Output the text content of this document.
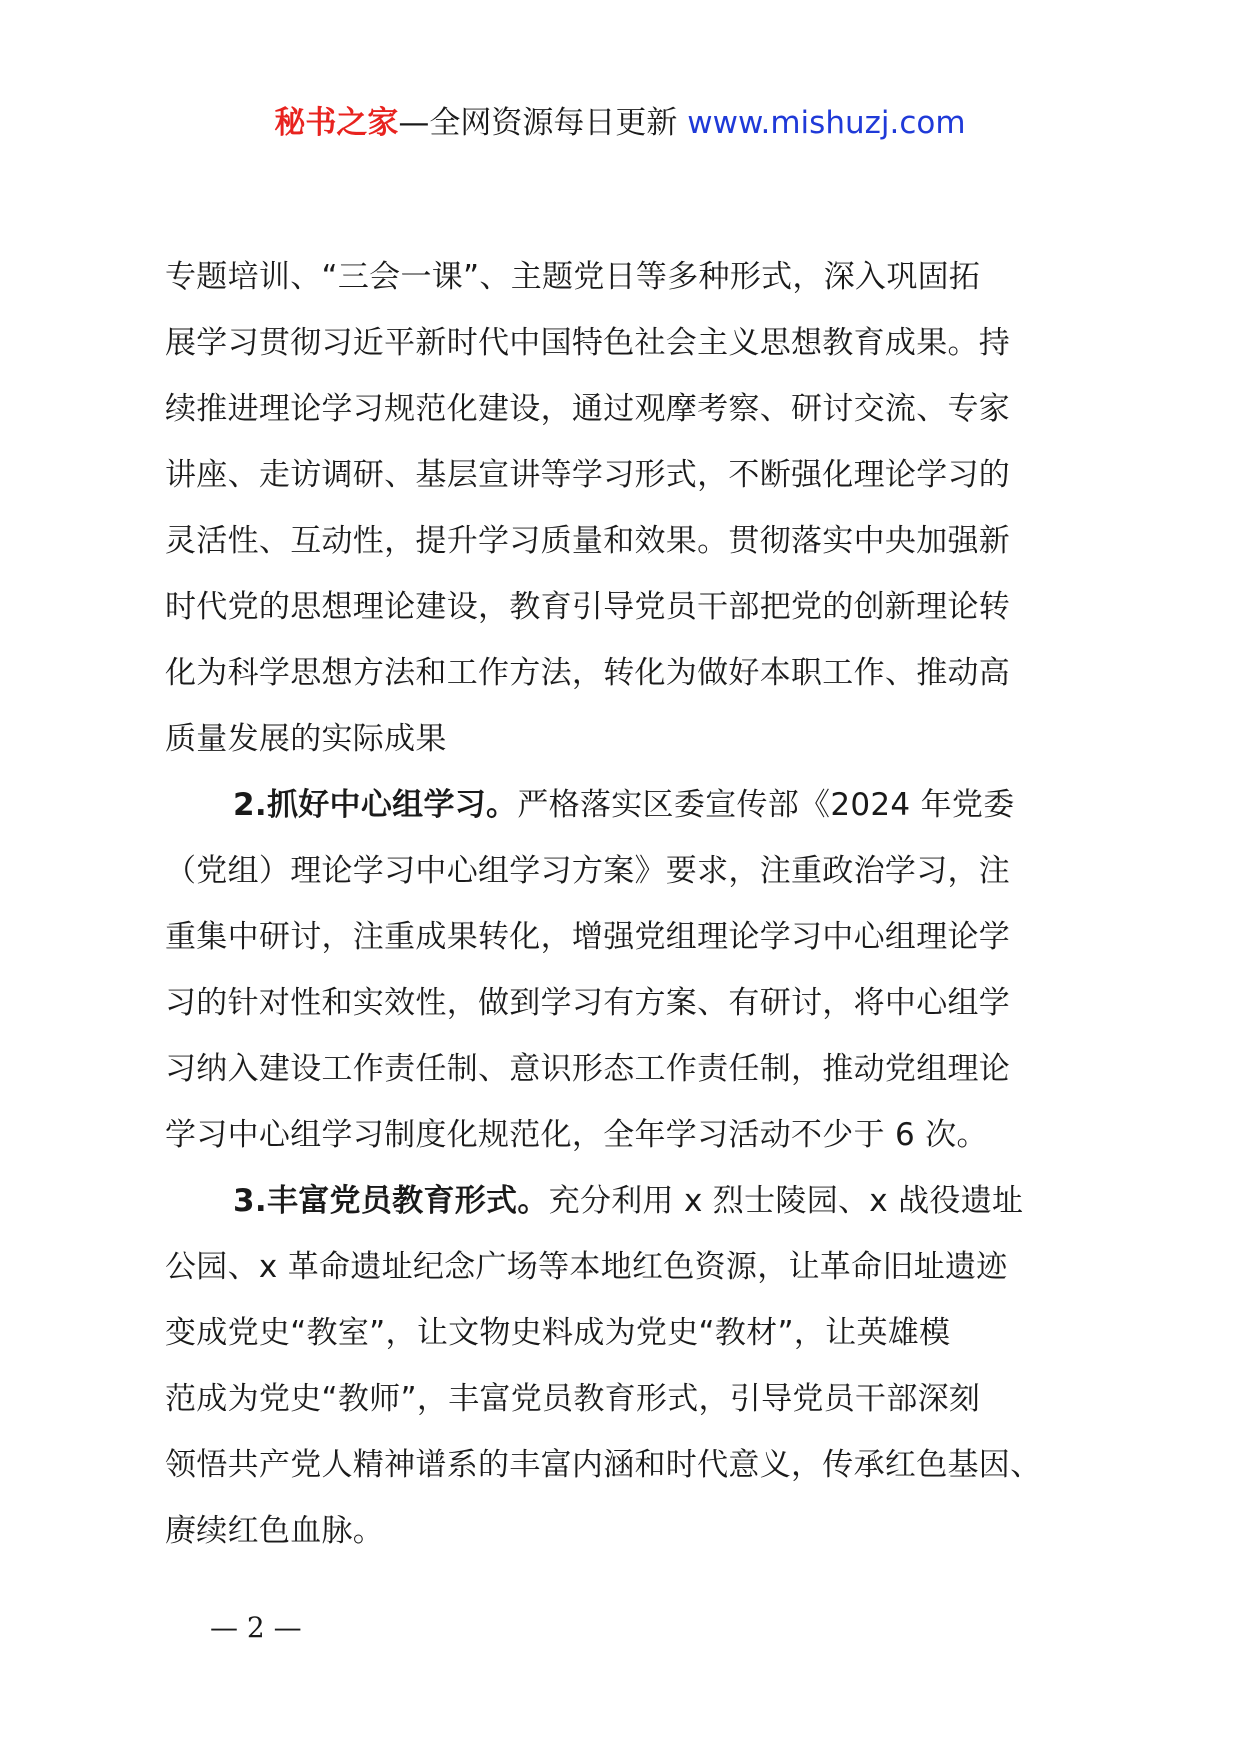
秘书之家—全网资源每日更新 www.mishuzj.com
专题培训、“三会一课”、主题党日等多种形式，深入巩固拓
展学习贯彻习近平新时代中国特色社会主义思想教育成果。持
续推进理论学习规范化建设，通过观摩考察、研讨交流、专家
讲座、走访调研、基层宣讲等学习形式，不断强化理论学习的
灵活性、互动性，提升学习质量和效果。贯彻落实中央加强新
时代党的思想理论建设，教育引导党员干部把党的创新理论转
化为科学思想方法和工作方法，转化为做好本职工作、推动高
质量发展的实际成果
2.抓好中心组学习。严格落实区委宣传部《2024 年党委
（党组）理论学习中心组学习方案》要求，注重政治学习，注
重集中研讨，注重成果转化，增强党组理论学习中心组理论学
习的针对性和实效性，做到学习有方案、有研讨，将中心组学
习纳入建设工作责任制、意识形态工作责任制，推动党组理论
学习中心组学习制度化规范化，全年学习活动不少于 6 次。
3.丰富党员教育形式。充分利用 x 烈士陵园、x 战役遗址
公园、x 革命遗址纪念广场等本地红色资源，让革命旧址遗迹
变成党史“教室”，让文物史料成为党史“教材”，让英雄模
范成为党史“教师”，丰富党员教育形式，引导党员干部深刻
领悟共产党人精神谱系的丰富内涵和时代意义，传承红色基因、
赓续红色血脉。
— 2 —
